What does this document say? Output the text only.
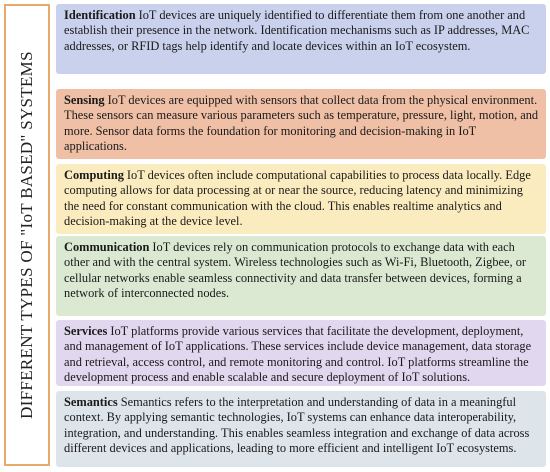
DIFFERENT TYPES OF "IoT BASED" SYSTEMS
Identification IoT devices are uniquely identified to differentiate them from one another and establish their presence in the network. Identification mechanisms such as IP addresses, MAC addresses, or RFID tags help identify and locate devices within an IoT ecosystem.
Sensing IoT devices are equipped with sensors that collect data from the physical environment. These sensors can measure various parameters such as temperature, pressure, light, motion, and more. Sensor data forms the foundation for monitoring and decision-making in IoT applications.
Computing IoT devices often include computational capabilities to process data locally. Edge computing allows for data processing at or near the source, reducing latency and minimizing the need for constant communication with the cloud. This enables realtime analytics and decision-making at the device level.
Communication IoT devices rely on communication protocols to exchange data with each other and with the central system. Wireless technologies such as Wi-Fi, Bluetooth, Zigbee, or cellular networks enable seamless connectivity and data transfer between devices, forming a network of interconnected nodes.
Services IoT platforms provide various services that facilitate the development, deployment, and management of IoT applications. These services include device management, data storage and retrieval, access control, and remote monitoring and control. IoT platforms streamline the development process and enable scalable and secure deployment of IoT solutions.
Semantics Semantics refers to the interpretation and understanding of data in a meaningful context. By applying semantic technologies, IoT systems can enhance data interoperability, integration, and understanding. This enables seamless integration and exchange of data across different devices and applications, leading to more efficient and intelligent IoT ecosystems.
